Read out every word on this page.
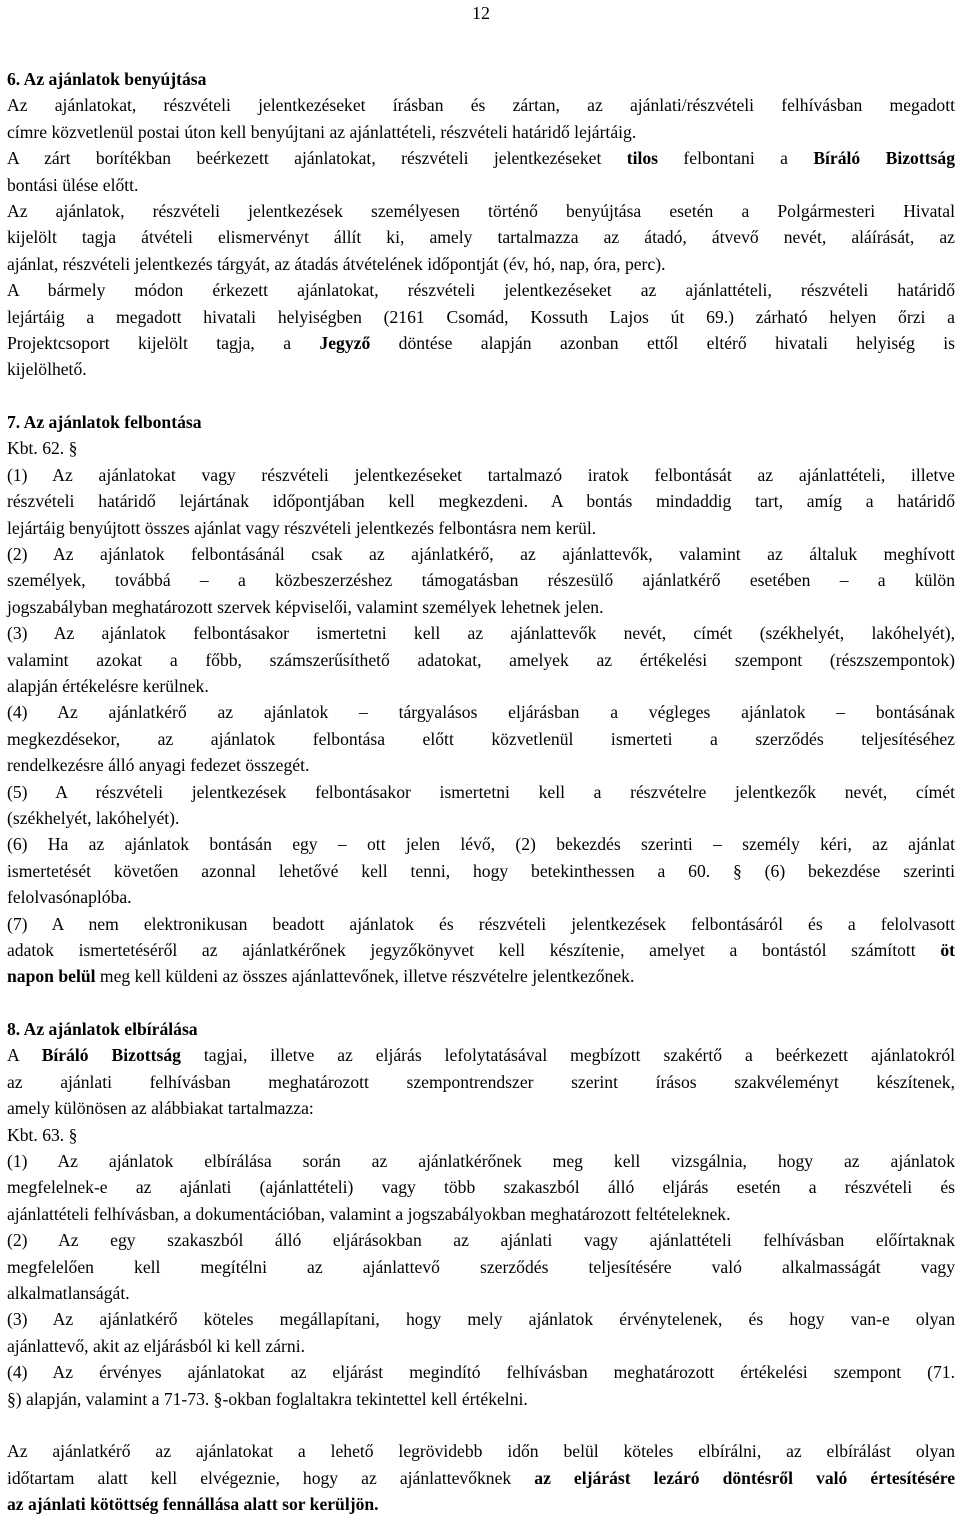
12
6. Az ajánlatok benyújtása
Az ajánlatokat, részvételi jelentkezéseket írásban és zártan, az ajánlati/részvételi felhívásban megadott
címre közvetlenül postai úton kell benyújtani az ajánlattételi, részvételi határidő lejártáig.
A zárt borítékban beérkezett ajánlatokat, részvételi jelentkezéseket tilos felbontani a Bíráló Bizottság
bontási ülése előtt.
Az ajánlatok, részvételi jelentkezések személyesen történő benyújtása esetén a Polgármesteri Hivatal
kijelölt tagja átvételi elismervényt állít ki, amely tartalmazza az átadó, átvevő nevét, aláírását, az
ajánlat, részvételi jelentkezés tárgyát, az átadás átvételének időpontját (év, hó, nap, óra, perc).
A bármely módon érkezett ajánlatokat, részvételi jelentkezéseket az ajánlattételi, részvételi határidő
lejártáig a megadott hivatali helyiségben (2161 Csomád, Kossuth Lajos út 69.) zárható helyen őrzi a
Projektcsoport kijelölt tagja, a Jegyző döntése alapján azonban ettől eltérő hivatali helyiség is
kijelölhető.
7. Az ajánlatok felbontása
Kbt. 62. §
(1) Az ajánlatokat vagy részvételi jelentkezéseket tartalmazó iratok felbontását az ajánlattételi, illetve
részvételi határidő lejártának időpontjában kell megkezdeni. A bontás mindaddig tart, amíg a határidő
lejártáig benyújtott összes ajánlat vagy részvételi jelentkezés felbontásra nem kerül.
(2) Az ajánlatok felbontásánál csak az ajánlatkérő, az ajánlattevők, valamint az általuk meghívott
személyek, továbbá – a közbeszerzéshez támogatásban részesülő ajánlatkérő esetében – a külön
jogszabályban meghatározott szervek képviselői, valamint személyek lehetnek jelen.
(3) Az ajánlatok felbontásakor ismertetni kell az ajánlattevők nevét, címét (székhelyét, lakóhelyét),
valamint azokat a főbb, számszerűsíthető adatokat, amelyek az értékelési szempont (részszempontok)
alapján értékelésre kerülnek.
(4) Az ajánlatkérő az ajánlatok – tárgyalásos eljárásban a végleges ajánlatok – bontásának
megkezdésekor, az ajánlatok felbontása előtt közvetlenül ismerteti a szerződés teljesítéséhez
rendelkezésre álló anyagi fedezet összegét.
(5) A részvételi jelentkezések felbontásakor ismertetni kell a részvételre jelentkezők nevét, címét
(székhelyét, lakóhelyét).
(6) Ha az ajánlatok bontásán egy – ott jelen lévő, (2) bekezdés szerinti – személy kéri, az ajánlat
ismertetését követően azonnal lehetővé kell tenni, hogy betekinthessen a 60. § (6) bekezdése szerinti
felolvasónaplóba.
(7) A nem elektronikusan beadott ajánlatok és részvételi jelentkezések felbontásáról és a felolvasott
adatok ismertetéséről az ajánlatkérőnek jegyzőkönyvet kell készítenie, amelyet a bontástól számított öt
napon belül meg kell küldeni az összes ajánlattevőnek, illetve részvételre jelentkezőnek.
8. Az ajánlatok elbírálása
A Bíráló Bizottság tagjai, illetve az eljárás lefolytatásával megbízott szakértő a beérkezett ajánlatokról
az ajánlati felhívásban meghatározott szempontrendszer szerint írásos szakvéleményt készítenek,
amely különösen az alábbiakat tartalmazza:
Kbt. 63. §
(1) Az ajánlatok elbírálása során az ajánlatkérőnek meg kell vizsgálnia, hogy az ajánlatok
megfelelnek-e az ajánlati (ajánlattételi) vagy több szakaszból álló eljárás esetén a részvételi és
ajánlattételi felhívásban, a dokumentációban, valamint a jogszabályokban meghatározott feltételeknek.
(2) Az egy szakaszból álló eljárásokban az ajánlati vagy ajánlattételi felhívásban előírtaknak
megfelelően kell megítélni az ajánlattevő szerződés teljesítésére való alkalmasságát vagy
alkalmatlanságát.
(3) Az ajánlatkérő köteles megállapítani, hogy mely ajánlatok érvénytelenek, és hogy van-e olyan
ajánlattevő, akit az eljárásból ki kell zárni.
(4) Az érvényes ajánlatokat az eljárást megindító felhívásban meghatározott értékelési szempont (71.
§) alapján, valamint a 71-73. §-okban foglaltakra tekintettel kell értékelni.
Az ajánlatkérő az ajánlatokat a lehető legrövidebb időn belül köteles elbírálni, az elbírálást olyan
időtartam alatt kell elvégeznie, hogy az ajánlattevőknek az eljárást lezáró döntésről való értesítésére
az ajánlati kötöttség fennállása alatt sor kerüljön.
